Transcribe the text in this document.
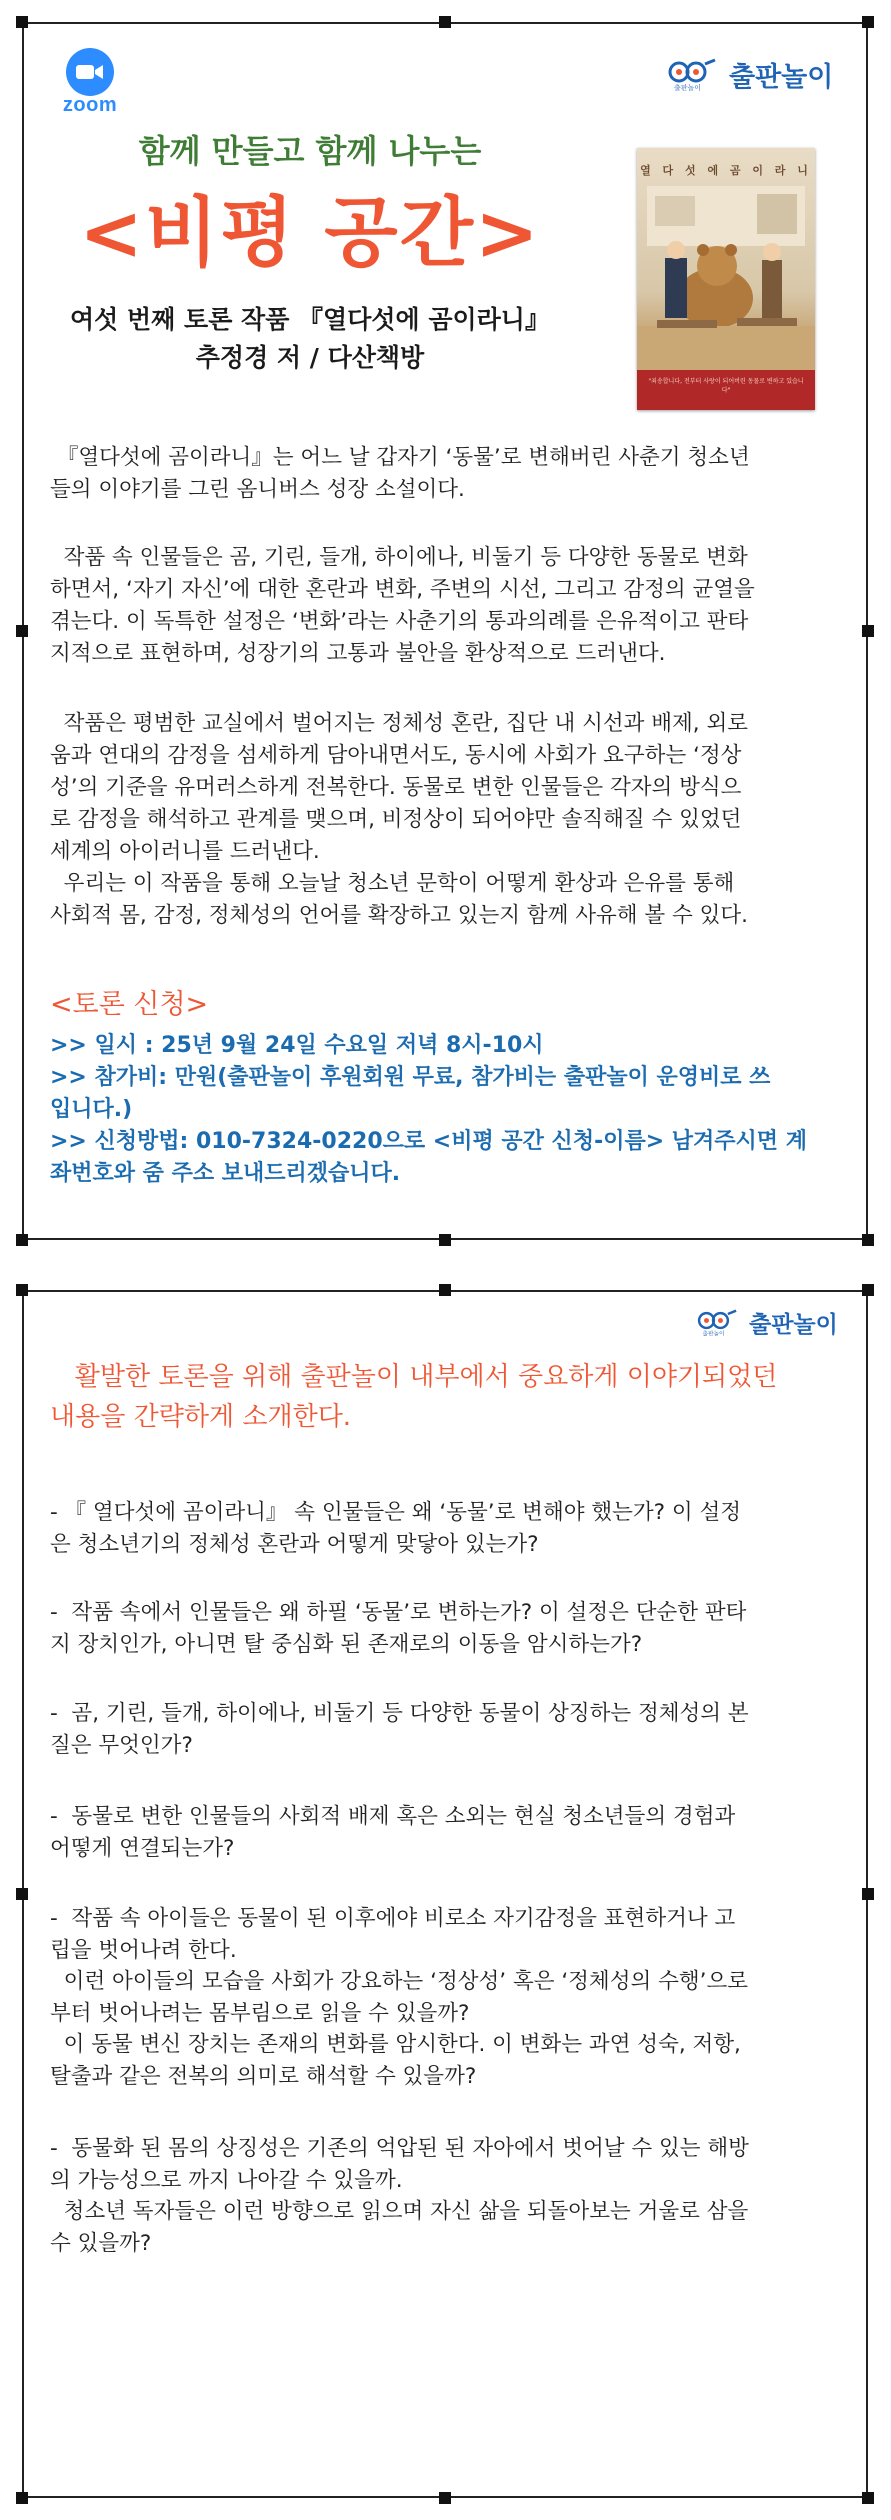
zoom
출판놀이 출판놀이
함께 만들고 함께 나누는
<비평 공간>
여섯 번째 토론 작품 『열다섯에 곰이라니』
추정경 저 / 다산책방
열 다 섯 에 곰 이 라 니
"죄송합니다, 전부터 사랑이 되어버린 동물로 변하고 있습니다"
『열다섯에 곰이라니』는 어느 날 갑자기 ‘동물’로 변해버린 사춘기 청소년
들의 이야기를 그린 옴니버스 성장 소설이다.
작품 속 인물들은 곰, 기린, 들개, 하이에나, 비둘기 등 다양한 동물로 변화
하면서, ‘자기 자신’에 대한 혼란과 변화, 주변의 시선, 그리고 감정의 균열을
겪는다. 이 독특한 설정은 ‘변화’라는 사춘기의 통과의례를 은유적이고 판타
지적으로 표현하며, 성장기의 고통과 불안을 환상적으로 드러낸다.
작품은 평범한 교실에서 벌어지는 정체성 혼란, 집단 내 시선과 배제, 외로
움과 연대의 감정을 섬세하게 담아내면서도, 동시에 사회가 요구하는 ‘정상
성’의 기준을 유머러스하게 전복한다. 동물로 변한 인물들은 각자의 방식으
로 감정을 해석하고 관계를 맺으며, 비정상이 되어야만 솔직해질 수 있었던
세계의 아이러니를 드러낸다.
우리는 이 작품을 통해 오늘날 청소년 문학이 어떻게 환상과 은유를 통해
사회적 몸, 감정, 정체성의 언어를 확장하고 있는지 함께 사유해 볼 수 있다.
<토론 신청>
>> 일시 : 25년 9월 24일 수요일 저녁 8시-10시
>> 참가비: 만원(출판놀이 후원회원 무료, 참가비는 출판놀이 운영비로 쓰
입니다.)
>> 신청방법: 010-7324-0220으로 <비평 공간 신청-이름> 남겨주시면 계
좌번호와 줌 주소 보내드리겠습니다.
출판놀이 출판놀이
활발한 토론을 위해 출판놀이 내부에서 중요하게 이야기되었던
내용을 간략하게 소개한다.
- 『 열다섯에 곰이라니』 속 인물들은 왜 ‘동물’로 변해야 했는가? 이 설정
은 청소년기의 정체성 혼란과 어떻게 맞닿아 있는가?
-  작품 속에서 인물들은 왜 하필 ‘동물’로 변하는가? 이 설정은 단순한 판타
지 장치인가, 아니면 탈 중심화 된 존재로의 이동을 암시하는가?
-  곰, 기린, 들개, 하이에나, 비둘기 등 다양한 동물이 상징하는 정체성의 본
질은 무엇인가?
-  동물로 변한 인물들의 사회적 배제 혹은 소외는 현실 청소년들의 경험과
어떻게 연결되는가?
-  작품 속 아이들은 동물이 된 이후에야 비로소 자기감정을 표현하거나 고
립을 벗어나려 한다.
이런 아이들의 모습을 사회가 강요하는 ‘정상성’ 혹은 ‘정체성의 수행’으로
부터 벗어나려는 몸부림으로 읽을 수 있을까?
이 동물 변신 장치는 존재의 변화를 암시한다. 이 변화는 과연 성숙, 저항,
탈출과 같은 전복의 의미로 해석할 수 있을까?
-  동물화 된 몸의 상징성은 기존의 억압된 된 자아에서 벗어날 수 있는 해방
의 가능성으로 까지 나아갈 수 있을까.
청소년 독자들은 이런 방향으로 읽으며 자신 삶을 되돌아보는 거울로 삼을
수 있을까?
